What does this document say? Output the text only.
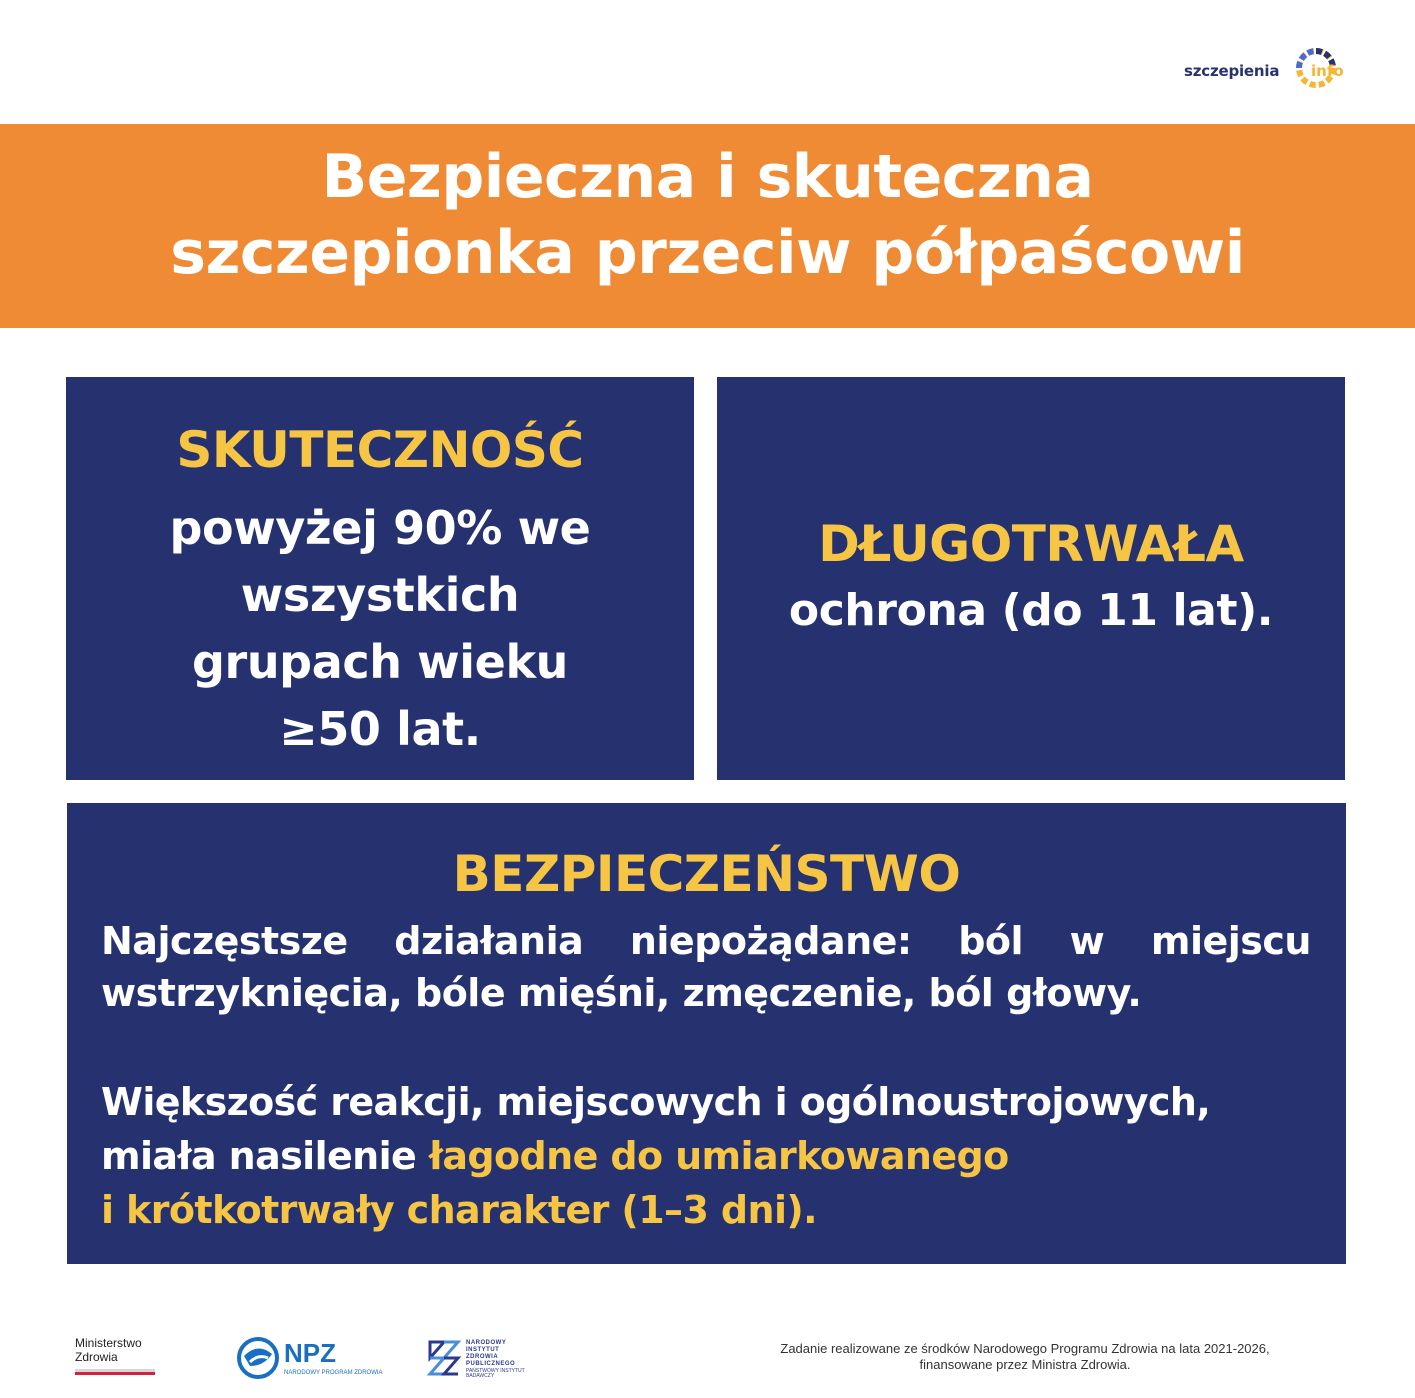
szczepienia info
Bezpieczna i skuteczna
szczepionka przeciw półpaścowi
SKUTECZNOŚĆ
powyżej 90% we
wszystkich
grupach wieku
≥50 lat.
DŁUGOTRWAŁA
ochrona (do 11 lat).
BEZPIECZEŃSTWO
Najczęstsze działania niepożądane: ból w miejscu wstrzyknięcia, bóle mięśni, zmęczenie, ból głowy.
Większość reakcji, miejscowych i ogólnoustrojowych,
miała nasilenie łagodne do umiarkowanego
i krótkotrwały charakter (1–3 dni).
Ministerstwo
Zdrowia	NPZ
NARODOWY PROGRAM ZDROWIA
NARODOWY
INSTYTUT
ZDROWIA
PUBLICZNEGO
PAŃSTWOWY INSTYTUT BADAWCZY
Zadanie realizowane ze środków Narodowego Programu Zdrowia na lata 2021-2026,
finansowane przez Ministra Zdrowia.
